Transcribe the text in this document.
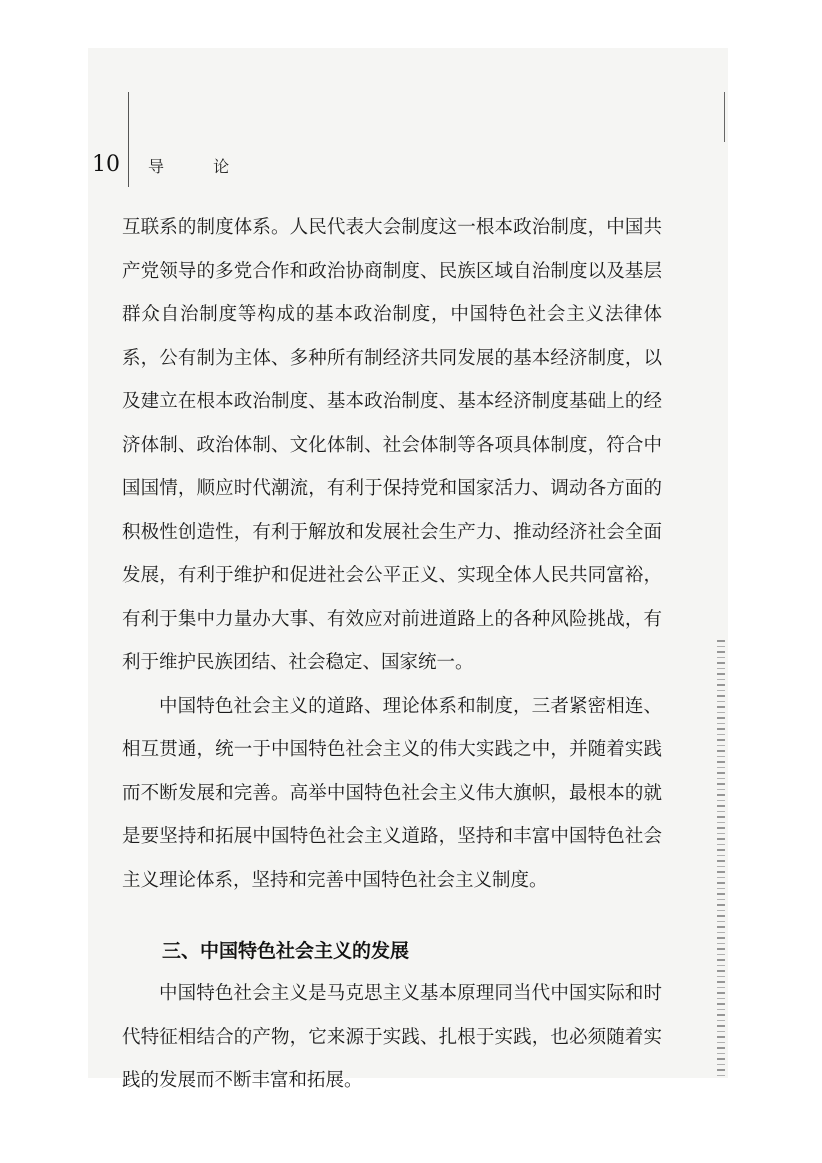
10 导 论

互联系的制度体系。人民代表大会制度这一根本政治制度，中国共产党领导的多党合作和政治协商制度、民族区域自治制度以及基层群众自治制度等构成的基本政治制度，中国特色社会主义法律体系，公有制为主体、多种所有制经济共同发展的基本经济制度，以及建立在根本政治制度、基本政治制度、基本经济制度基础上的经济体制、政治体制、文化体制、社会体制等各项具体制度，符合中国国情，顺应时代潮流，有利于保持党和国家活力、调动各方面的积极性创造性，有利于解放和发展社会生产力、推动经济社会全面发展，有利于维护和促进社会公平正义、实现全体人民共同富裕，有利于集中力量办大事、有效应对前进道路上的各种风险挑战，有利于维护民族团结、社会稳定、国家统一。

中国特色社会主义的道路、理论体系和制度，三者紧密相连、相互贯通，统一于中国特色社会主义的伟大实践之中，并随着实践而不断发展和完善。高举中国特色社会主义伟大旗帜，最根本的就是要坚持和拓展中国特色社会主义道路，坚持和丰富中国特色社会主义理论体系，坚持和完善中国特色社会主义制度。

三、中国特色社会主义的发展

中国特色社会主义是马克思主义基本原理同当代中国实际和时代特征相结合的产物，它来源于实践、扎根于实践，也必须随着实践的发展而不断丰富和拓展。
